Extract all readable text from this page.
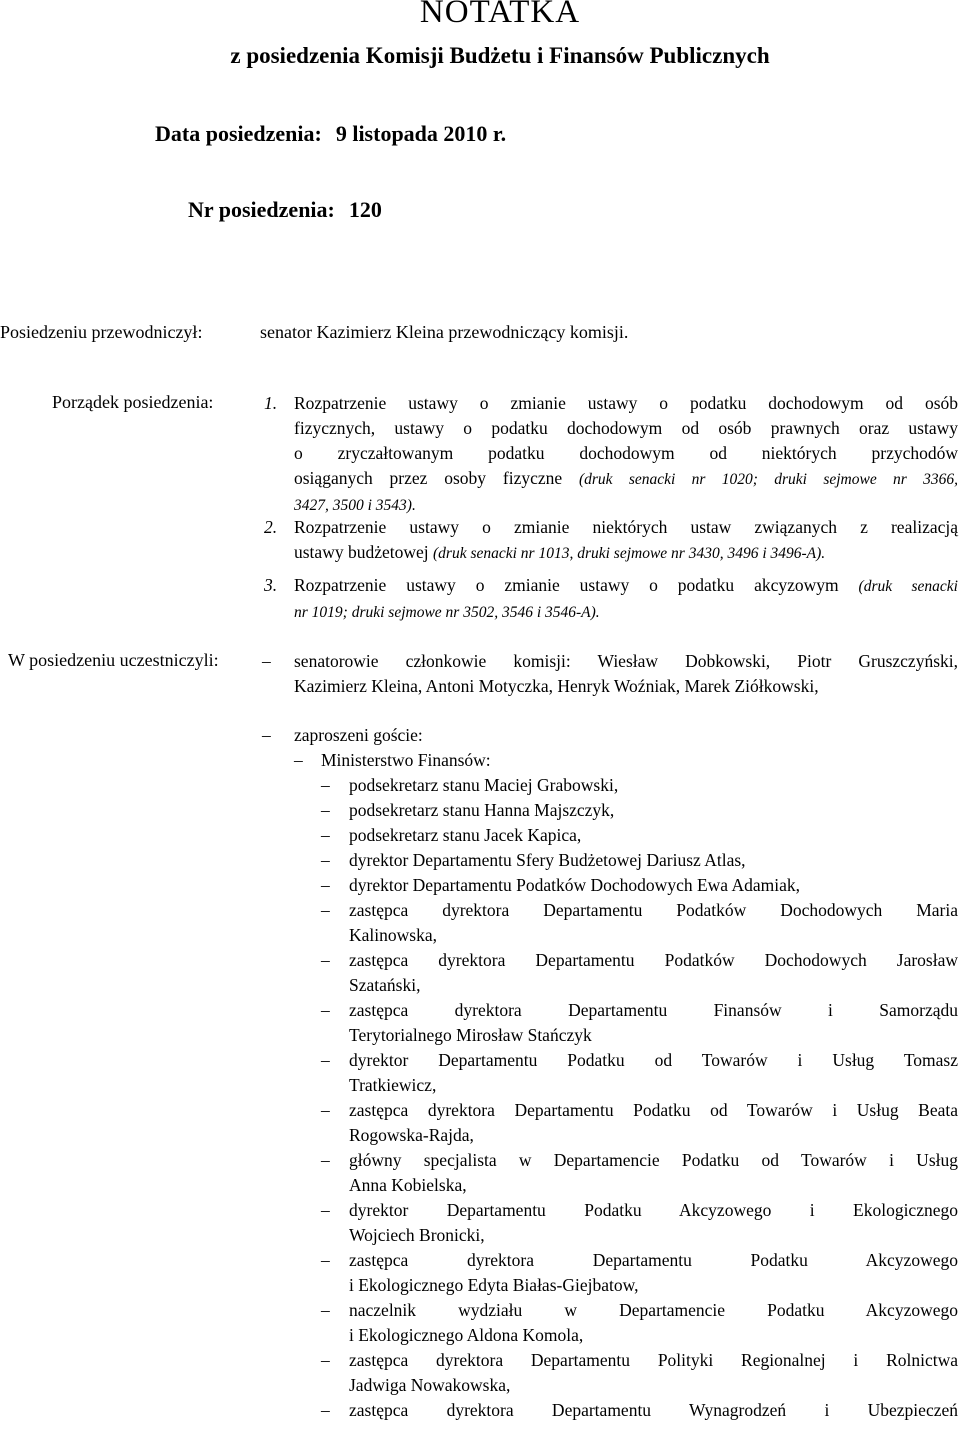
NOTATKA
z posiedzenia Komisji Budżetu i Finansów Publicznych
Data posiedzenia: 9 listopada 2010 r.
Nr posiedzenia: 120
Posiedzeniu przewodniczył:	senator Kazimierz Kleina przewodniczący komisji.
Porządek posiedzenia:	1. Rozpatrzenie ustawy o zmianie ustawy o podatku dochodowym od osób
fizycznych, ustawy o podatku dochodowym od osób prawnych oraz ustawy
o zryczałtowanym podatku dochodowym od niektórych przychodów
osiąganych przez osoby fizyczne (druk senacki nr 1020; druki sejmowe nr 3366,
3427, 3500 i 3543).
2. Rozpatrzenie ustawy o zmianie niektórych ustaw związanych z realizacją
ustawy budżetowej (druk senacki nr 1013, druki sejmowe nr 3430, 3496 i 3496-A).
3. Rozpatrzenie ustawy o zmianie ustawy o podatku akcyzowym (druk senacki
nr 1019; druki sejmowe nr 3502, 3546 i 3546-A).
W posiedzeniu uczestniczyli: – senatorowie członkowie komisji: Wiesław Dobkowski, Piotr Gruszczyński,
Kazimierz Kleina, Antoni Motyczka, Henryk Woźniak, Marek Ziółkowski,
– zaproszeni goście:
– Ministerstwo Finansów:
– podsekretarz stanu Maciej Grabowski,
– podsekretarz stanu Hanna Majszczyk,
– podsekretarz stanu Jacek Kapica,
– dyrektor Departamentu Sfery Budżetowej Dariusz Atlas,
– dyrektor Departamentu Podatków Dochodowych Ewa Adamiak,
– zastępca dyrektora Departamentu Podatków Dochodowych Maria
Kalinowska,
– zastępca dyrektora Departamentu Podatków Dochodowych Jarosław
Szatański,
– zastępca dyrektora Departamentu Finansów i Samorządu
Terytorialnego Mirosław Stańczyk
– dyrektor Departamentu Podatku od Towarów i Usług Tomasz
Tratkiewicz,
– zastępca dyrektora Departamentu Podatku od Towarów i Usług Beata
Rogowska-Rajda,
– główny specjalista w Departamencie Podatku od Towarów i Usług
Anna Kobielska,
– dyrektor Departamentu Podatku Akcyzowego i Ekologicznego
Wojciech Bronicki,
– zastępca dyrektora Departamentu Podatku Akcyzowego
i Ekologicznego Edyta Białas-Giejbatow,
– naczelnik wydziału w Departamencie Podatku Akcyzowego
i Ekologicznego Aldona Komola,
– zastępca dyrektora Departamentu Polityki Regionalnej i Rolnictwa
Jadwiga Nowakowska,
– zastępca dyrektora Departamentu Wynagrodzeń i Ubezpieczeń
